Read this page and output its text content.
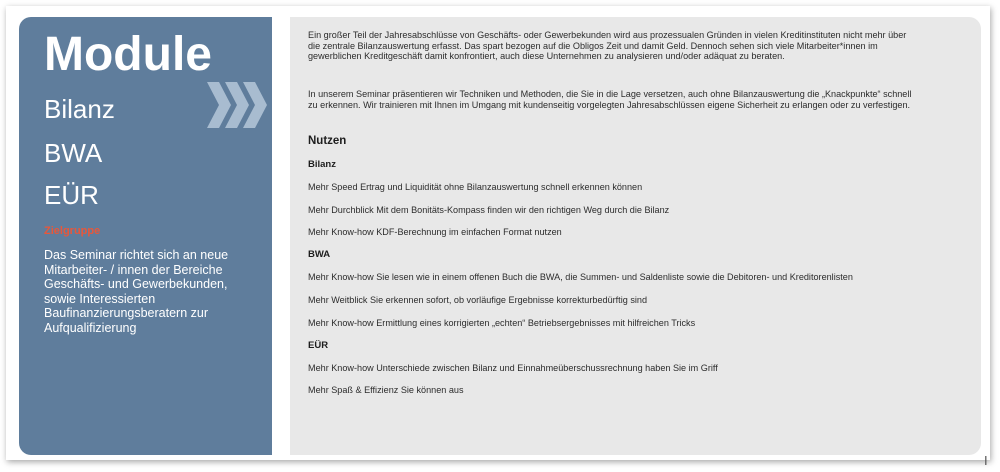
Module
Bilanz
BWA
EÜR
Zielgruppe
Das Seminar richtet sich an neue Mitarbeiter- / innen der Bereiche Geschäfts- und Gewerbekunden, sowie Interessierten Baufinanzierungsberatern zur Aufqualifizierung
Ein großer Teil der Jahresabschlüsse von Geschäfts- oder Gewerbekunden wird aus prozessualen Gründen in vielen Kreditinstituten nicht mehr über die zentrale Bilanzauswertung erfasst. Das spart bezogen auf die Obligos Zeit und damit Geld. Dennoch sehen sich viele Mitarbeiter*innen im gewerblichen Kreditgeschäft damit konfrontiert, auch diese Unternehmen zu analysieren und/oder adäquat zu beraten.
In unserem Seminar präsentieren wir Techniken und Methoden, die Sie in die Lage versetzen, auch ohne Bilanzauswertung die „Knackpunkte“ schnell zu erkennen. Wir trainieren mit Ihnen im Umgang mit kundenseitig vorgelegten Jahresabschlüssen eigene Sicherheit zu erlangen oder zu verfestigen.
Nutzen
Bilanz
Mehr Speed Ertrag und Liquidität ohne Bilanzauswertung schnell erkennen können
Mehr Durchblick Mit dem Bonitäts-Kompass finden wir den richtigen Weg durch die Bilanz
Mehr Know-how KDF-Berechnung im einfachen Format nutzen
BWA
Mehr Know-how Sie lesen wie in einem offenen Buch die BWA, die Summen- und Saldenliste sowie die Debitoren- und Kreditorenlisten
Mehr Weitblick Sie erkennen sofort, ob vorläufige Ergebnisse korrekturbedürftig sind
Mehr Know-how Ermittlung eines korrigierten „echten“ Betriebsergebnisses mit hilfreichen Tricks
EÜR
Mehr Know-how Unterschiede zwischen Bilanz und Einnahmeüberschussrechnung haben Sie im Griff
Mehr Spaß & Effizienz Sie können aus
I
